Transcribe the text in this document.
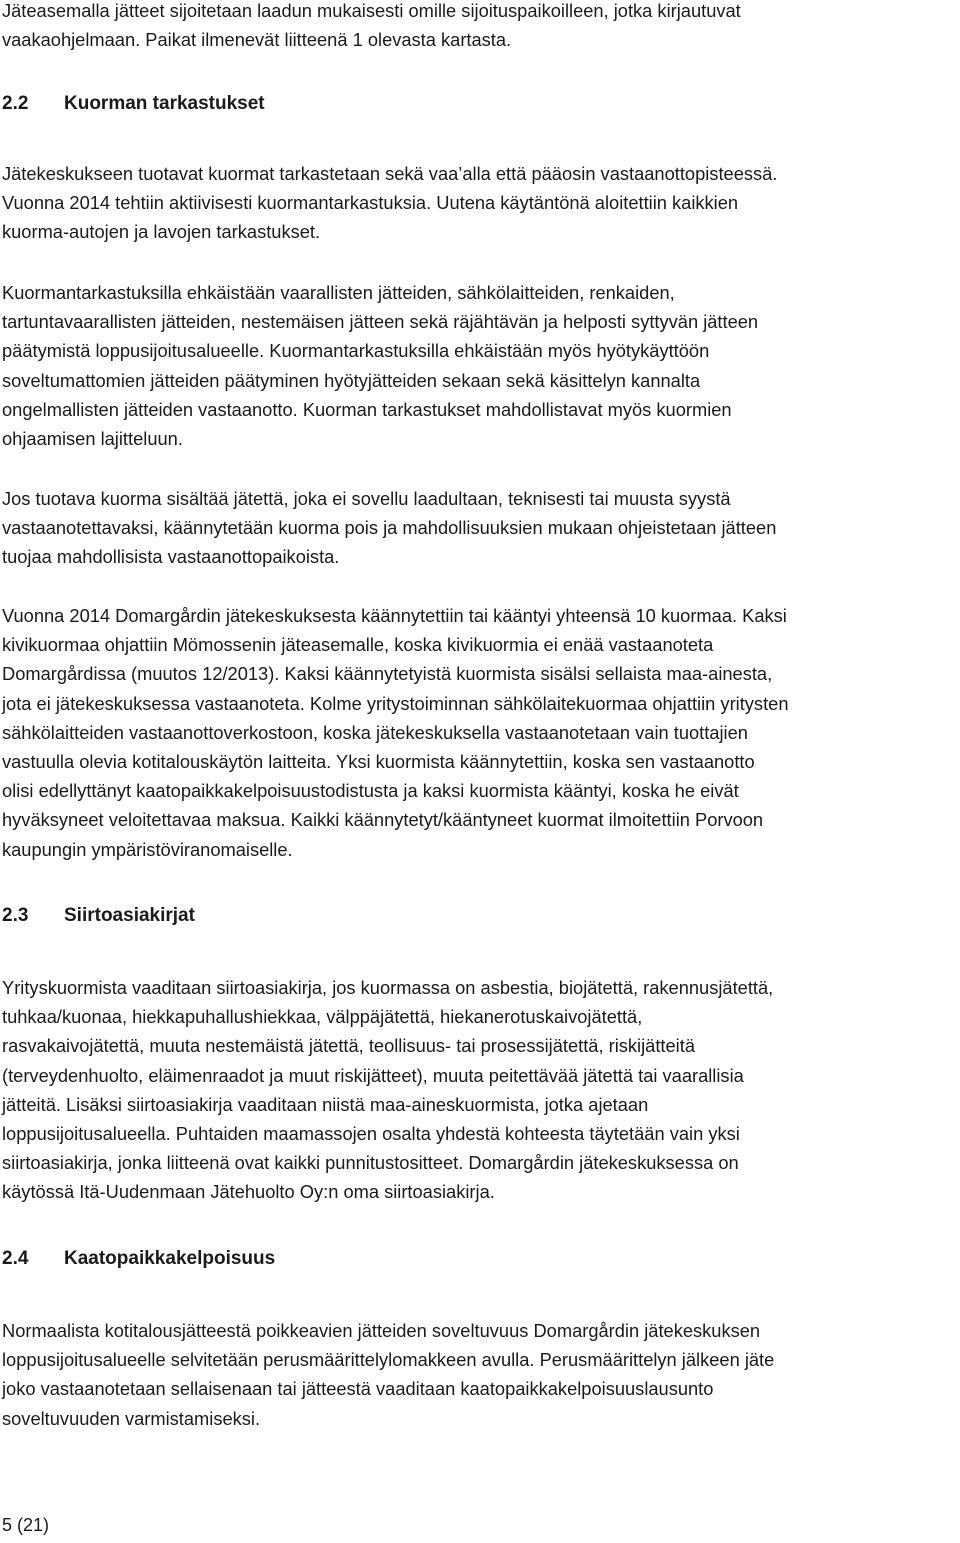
Jäteasemalla jätteet sijoitetaan laadun mukaisesti omille sijoituspaikoilleen, jotka kirjautuvat
vaakaohjelmaan. Paikat ilmenevät liitteenä 1 olevasta kartasta.

2.2 Kuorman tarkastukset

Jätekeskukseen tuotavat kuormat tarkastetaan sekä vaa’alla että pääosin vastaanottopisteessä.
Vuonna 2014 tehtiin aktiivisesti kuormantarkastuksia. Uutena käytäntönä aloitettiin kaikkien
kuorma-autojen ja lavojen tarkastukset.

Kuormantarkastuksilla ehkäistään vaarallisten jätteiden, sähkölaitteiden, renkaiden,
tartuntavaarallisten jätteiden, nestemäisen jätteen sekä räjähtävän ja helposti syttyvän jätteen
päätymistä loppusijoitusalueelle. Kuormantarkastuksilla ehkäistään myös hyötykäyttöön
soveltumattomien jätteiden päätyminen hyötyjätteiden sekaan sekä käsittelyn kannalta
ongelmallisten jätteiden vastaanotto. Kuorman tarkastukset mahdollistavat myös kuormien
ohjaamisen lajitteluun.

Jos tuotava kuorma sisältää jätettä, joka ei sovellu laadultaan, teknisesti tai muusta syystä
vastaanotettavaksi, käännytetään kuorma pois ja mahdollisuuksien mukaan ohjeistetaan jätteen
tuojaa mahdollisista vastaanottopaikoista.

Vuonna 2014 Domargårdin jätekeskuksesta käännytettiin tai kääntyi yhteensä 10 kuormaa. Kaksi
kivikuormaa ohjattiin Mömossenin jäteasemalle, koska kivikuormia ei enää vastaanoteta
Domargårdissa (muutos 12/2013). Kaksi käännytetyistä kuormista sisälsi sellaista maa-ainesta,
jota ei jätekeskuksessa vastaanoteta. Kolme yritystoiminnan sähkölaitekuormaa ohjattiin yritysten
sähkölaitteiden vastaanottoverkostoon, koska jätekeskuksella vastaanotetaan vain tuottajien
vastuulla olevia kotitalouskäytön laitteita. Yksi kuormista käännytettiin, koska sen vastaanotto
olisi edellyttänyt kaatopaikkakelpoisuustodistusta ja kaksi kuormista kääntyi, koska he eivät
hyväksyneet veloitettavaa maksua. Kaikki käännytetyt/kääntyneet kuormat ilmoitettiin Porvoon
kaupungin ympäristöviranomaiselle.

2.3 Siirtoasiakirjat

Yrityskuormista vaaditaan siirtoasiakirja, jos kuormassa on asbestia, biojätettä, rakennusjätettä,
tuhkaa/kuonaa, hiekkapuhallushiekkaa, välppäjätettä, hiekanerotuskaivojätettä,
rasvakaivojätettä, muuta nestemäistä jätettä, teollisuus- tai prosessijätettä, riskijätteitä
(terveydenhuolto, eläimenraadot ja muut riskijätteet), muuta peitettävää jätettä tai vaarallisia
jätteitä. Lisäksi siirtoasiakirja vaaditaan niistä maa-aineskuormista, jotka ajetaan
loppusijoitusalueella. Puhtaiden maamassojen osalta yhdestä kohteesta täytetään vain yksi
siirtoasiakirja, jonka liitteenä ovat kaikki punnitustositteet. Domargårdin jätekeskuksessa on
käytössä Itä-Uudenmaan Jätehuolto Oy:n oma siirtoasiakirja.

2.4 Kaatopaikkakelpoisuus

Normaalista kotitalousjätteestä poikkeavien jätteiden soveltuvuus Domargårdin jätekeskuksen
loppusijoitusalueelle selvitetään perusmäärittelylomakkeen avulla. Perusmäärittelyn jälkeen jäte
joko vastaanotetaan sellaisenaan tai jätteestä vaaditaan kaatopaikkakelpoisuuslausunto
soveltuvuuden varmistamiseksi.

5 (21)
